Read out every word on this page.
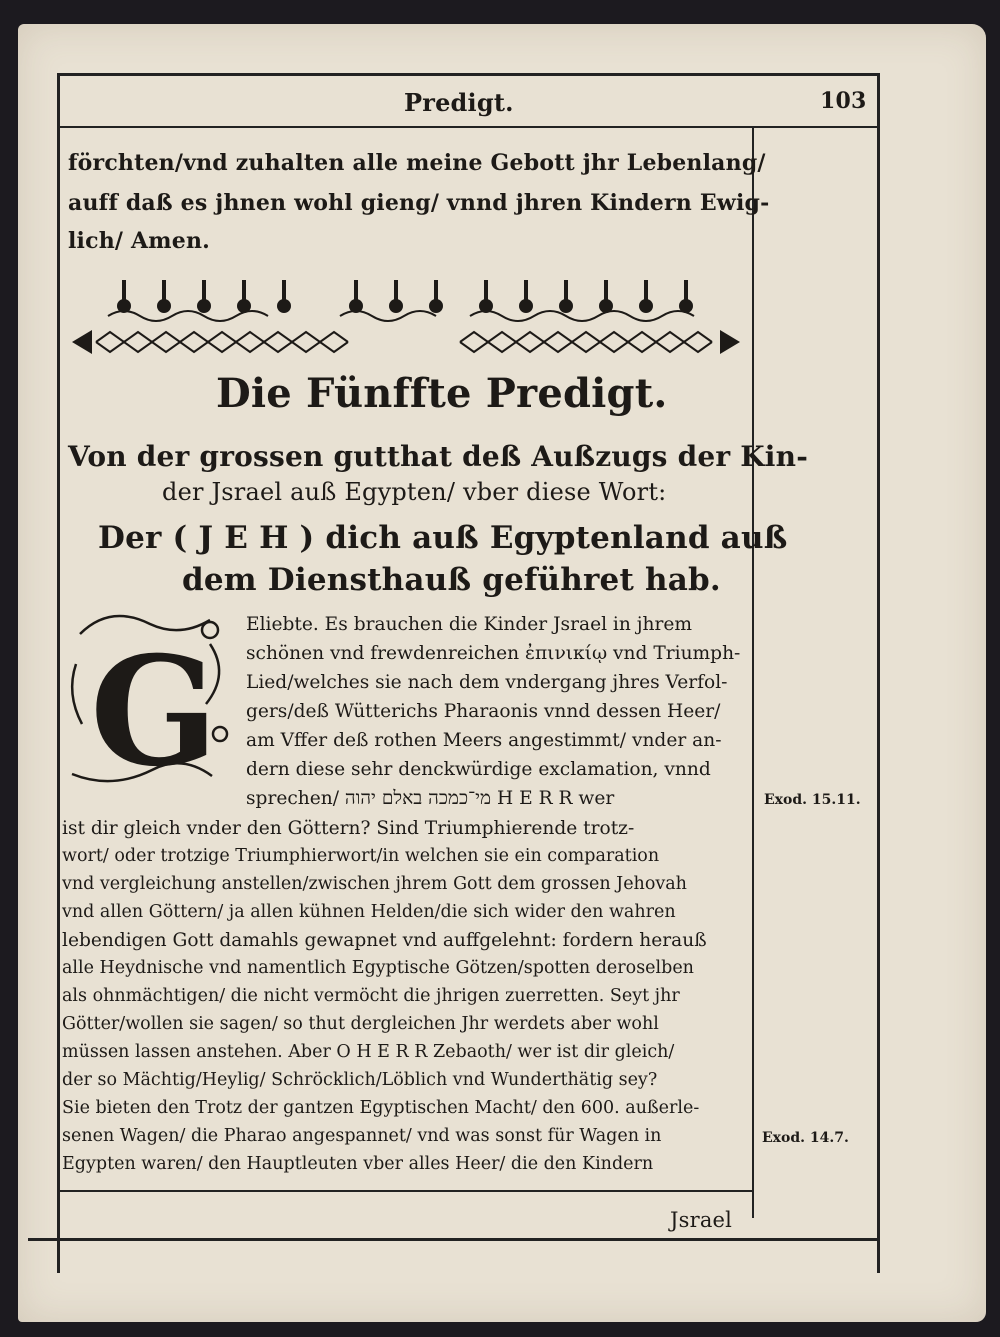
Predigt.	103
förchten/vnd zuhalten alle meine Gebott jhr Lebenlang/
auff daß es jhnen wohl gieng/ vnnd jhren Kindern Ewig-
lich/ Amen.
Die Fünffte Predigt.
Von der grossen gutthat deß Außzugs der Kin-
der Jsrael auß Egypten/ vber diese Wort:
Der ( J E H ) dich auß Egyptenland auß
dem Diensthauß geführet hab.
G Eliebte. Es brauchen die Kinder Jsrael in jhrem
schönen vnd frewdenreichen ἐπινικίῳ vnd Triumph-
Lied/welches sie nach dem vndergang jhres Verfol-
gers/deß Wütterichs Pharaonis vnnd dessen Heer/
am Vffer deß rothen Meers angestimmt/ vnder an-
dern diese sehr denckwürdige exclamation, vnnd
sprechen/ מי־כמכה באלם יהוה H E R R wer
ist dir gleich vnder den Göttern? Sind Triumphierende trotz-
wort/ oder trotzige Triumphierwort/in welchen sie ein comparation
vnd vergleichung anstellen/zwischen jhrem Gott dem grossen Jehovah
vnd allen Göttern/ ja allen kühnen Helden/die sich wider den wahren
lebendigen Gott damahls gewapnet vnd auffgelehnt: fordern herauß
alle Heydnische vnd namentlich Egyptische Götzen/spotten deroselben
als ohnmächtigen/ die nicht vermöcht die jhrigen zuerretten. Seyt jhr
Götter/wollen sie sagen/ so thut dergleichen Jhr werdets aber wohl
müssen lassen anstehen. Aber O H E R R Zebaoth/ wer ist dir gleich/
der so Mächtig/Heylig/ Schröcklich/Löblich vnd Wunderthätig sey?
Sie bieten den Trotz der gantzen Egyptischen Macht/ den 600. außerle-
senen Wagen/ die Pharao angespannet/ vnd was sonst für Wagen in
Egypten waren/ den Hauptleuten vber alles Heer/ die den Kindern
Exod. 15.11.
Exod. 14.7.
Jsrael
